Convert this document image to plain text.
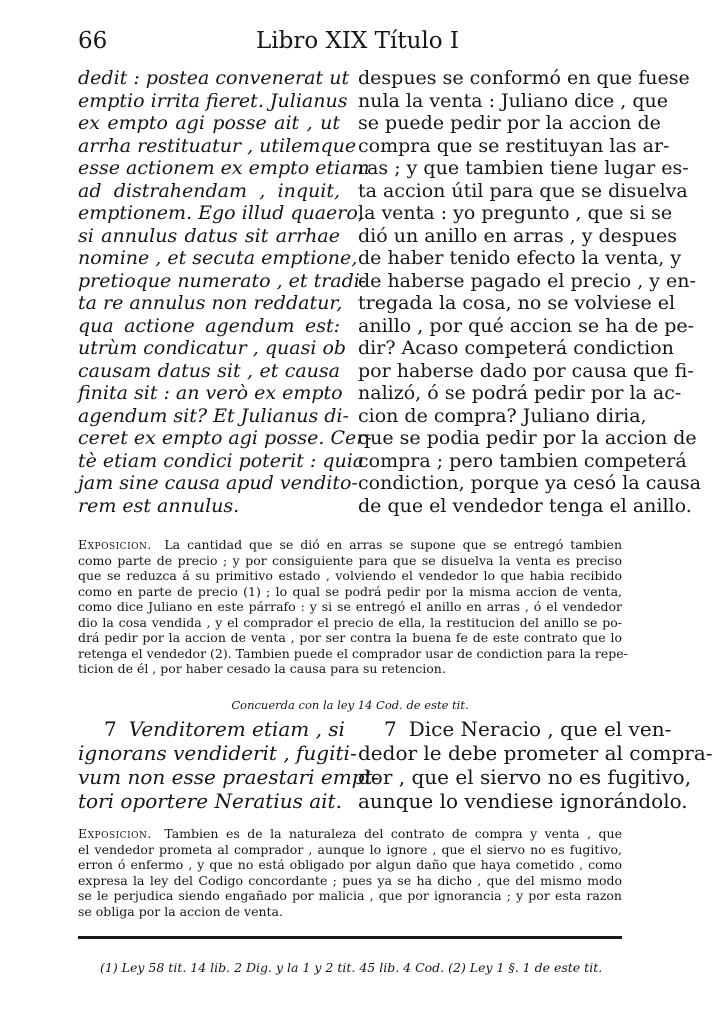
66	Libro XIX Título I
dedit : postea convenerat ut
emptio irrita fieret. Julianus
ex empto agi posse ait , ut
arrha restituatur , utilemque
esse actionem ex empto etiam
ad distrahendam , inquit,
emptionem. Ego illud quaero,
si annulus datus sit arrhae
nomine , et secuta emptione,
pretioque numerato , et tradi-
ta re annulus non reddatur,
qua actione agendum est:
utrùm condicatur , quasi ob
causam datus sit , et causa
finita sit : an verò ex empto
agendum sit? Et Julianus di-
ceret ex empto agi posse. Cer-
tè etiam condici poterit : quia
jam sine causa apud vendito-
rem est annulus.
despues se conformó en que fuese
nula la venta : Juliano dice , que
se puede pedir por la accion de
compra que se restituyan las ar-
ras ; y que tambien tiene lugar es-
ta accion útil para que se disuelva
la venta : yo pregunto , que si se
dió un anillo en arras , y despues
de haber tenido efecto la venta, y
de haberse pagado el precio , y en-
tregada la cosa, no se volviese el
anillo , por qué accion se ha de pe-
dir? Acaso competerá condiction
por haberse dado por causa que fi-
nalizó, ó se podrá pedir por la ac-
cion de compra? Juliano diria,
que se podia pedir por la accion de
compra ; pero tambien competerá
condiction, porque ya cesó la causa
de que el vendedor tenga el anillo.
Exposicion.  La cantidad que se dió en arras se supone que se entregó tambien
como parte de precio ; y por consiguiente para que se disuelva la venta es preciso
que se reduzca á su primitivo estado , volviendo el vendedor lo que habia recibido
como en parte de precio (1) ; lo qual se podrá pedir por la misma accion de venta,
como dice Juliano en este párrafo : y si se entregó el anillo en arras , ó el vendedor
dio la cosa vendida , y el comprador el precio de ella, la restitucion del anillo se po-
drá pedir por la accion de venta , por ser contra la buena fe de este contrato que lo
retenga el vendedor (2). Tambien puede el comprador usar de condiction para la repe-
ticion de él , por haber cesado la causa para su retencion.
Concuerda con la ley 14 Cod. de este tit.
7 Venditorem etiam , si
ignorans vendiderit , fugiti-
vum non esse praestari empt-
tori oportere Neratius ait.
7 Dice Neracio , que el ven-
dedor le debe prometer al compra-
dor , que el siervo no es fugitivo,
aunque lo vendiese ignorándolo.
Exposicion.  Tambien es de la naturaleza del contrato de compra y venta , que
el vendedor prometa al comprador , aunque lo ignore , que el siervo no es fugitivo,
erron ó enfermo , y que no está obligado por algun daño que haya cometido , como
expresa la ley del Codigo concordante ; pues ya se ha dicho , que del mismo modo
se le perjudica siendo engañado por malicia , que por ignorancia ; y por esta razon
se obliga por la accion de venta.
(1) Ley 58 tit. 14 lib. 2 Dig. y la 1 y 2 tit. 45 lib. 4 Cod. (2) Ley 1 §. 1 de este tit.
